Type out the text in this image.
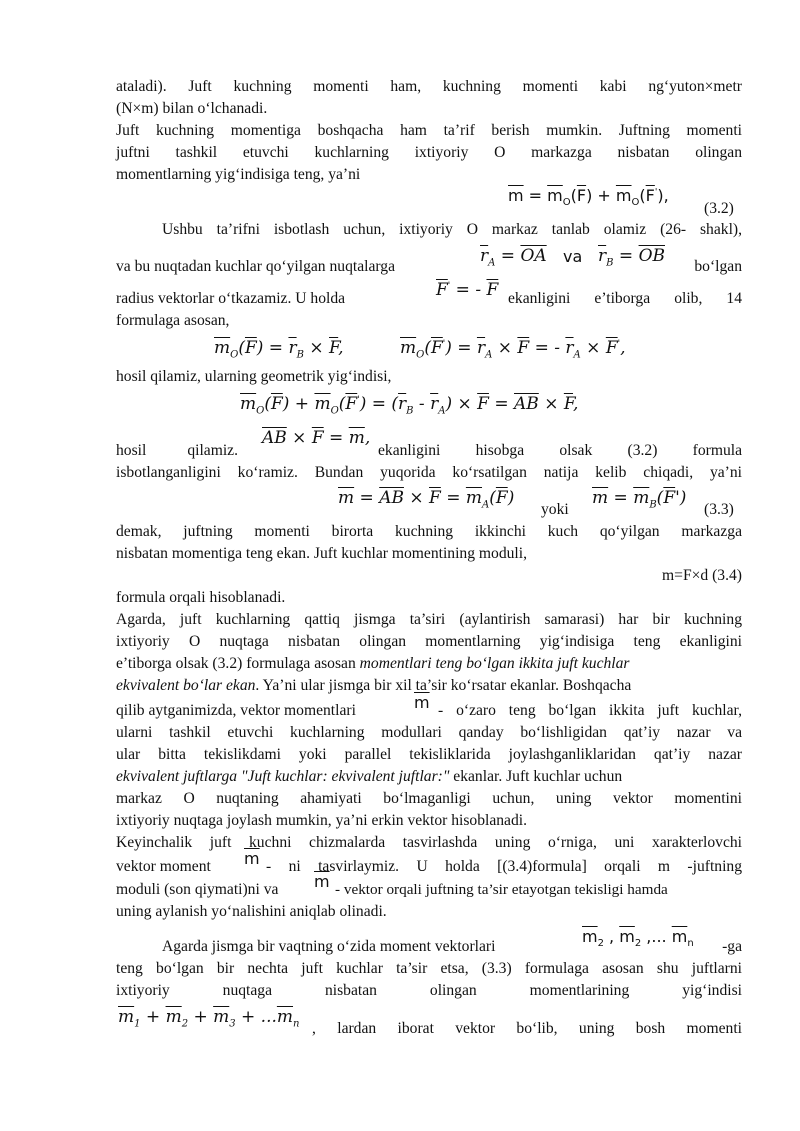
ataladi). Juft kuchning momenti ham, kuchning momenti kabi ng‘yuton×metr
(N×m) bilan o‘lchanadi.
Juft kuchning momentiga boshqacha ham ta’rif berish mumkin. Juftning momenti
juftni tashkil etuvchi kuchlarning ixtiyoriy O markazga nisbatan olingan
momentlarning yig‘indisiga teng, ya’ni
$\overline{m} = \overline{m}_O(\overline{F}) + \overline{m}_O(\overline{F}')$,
(3.2)
Ushbu ta’rifni isbotlash uchun, ixtiyoriy O markaz tanlab olamiz (26- shakl),
va bu nuqtadan kuchlar qo‘yilgan nuqtalarga
$\overline{r}_A = \overline{OA}$ va $\overline{r}_B = \overline{OB}$
bo‘lgan
radius vektorlar o‘tkazamiz. U holda	$\overline{F}'$ = - $\overline{F}$ ekanligini e’tiborga olib, 14
formulaga asosan,
$\overline{m}_O(\overline{F}) = \overline{r}_B \times \overline{F}$,	$\overline{m}_O(\overline{F}') = \overline{r}_A \times \overline{F}$ = - $\overline{r}_A \times \overline{F}'$,
hosil qilamiz, ularning geometrik yig‘indisi,
$\overline{m}_O(\overline{F}) + \overline{m}_O(\overline{F}') = (\overline{r}_B - \overline{r}_A) \times \overline{F} = \overline{AB} \times \overline{F}$,
hosil qilamiz.
$\overline{AB} \times \overline{F} = \overline{m}$,
ekanligini hisobga olsak (3.2) formula
isbotlanganligini ko‘ramiz. Bundan yuqorida ko‘rsatilgan natija kelib chiqadi, ya’ni
$\overline{m} = \overline{AB} \times \overline{F} = \overline{m}_A(\overline{F})$
yoki
$\overline{m} = \overline{m}_B(\overline{F}')$
(3.3)
demak, juftning momenti birorta kuchning ikkinchi kuch qo‘yilgan markazga
nisbatan momentiga teng ekan. Juft kuchlar momentining moduli,
m=F×d (3.4)
formula orqali hisoblanadi.
Agarda, juft kuchlarning qattiq jismga ta’siri (aylantirish samarasi) har bir kuchning
ixtiyoriy O nuqtaga nisbatan olingan momentlarning yig‘indisiga teng ekanligini
e’tiborga olsak (3.2) formulaga asosan momentlari teng bo‘lgan ikkita juft kuchlar
ekvivalent bo‘lar ekan. Ya’ni ular jismga bir xil ta’sir ko‘rsatar ekanlar. Boshqacha
qilib aytganimizda, vektor momentlari	$\overline{m}$ - o‘zaro teng bo‘lgan ikkita juft kuchlar,
ularni tashkil etuvchi kuchlarning modullari qanday bo‘lishligidan qat’iy nazar va
ular bitta tekislikdami yoki parallel tekisliklarida joylashganliklaridan qat’iy nazar
ekvivalent juftlarga "Juft kuchlar: ekvivalent juftlar:" ekanlar. Juft kuchlar uchun
markaz O nuqtaning ahamiyati bo‘lmaganligi uchun, uning vektor momentini
ixtiyoriy nuqtaga joylash mumkin, ya’ni erkin vektor hisoblanadi.
Keyinchalik juft kuchni chizmalarda tasvirlashda uning o‘rniga, uni xarakterlovchi
vektor moment	$\overline{m}$ - ni tasvirlaymiz. U holda [(3.4)formula] orqali m -juftning
moduli (son qiymati)ni va	$\overline{m}$ - vektor orqali juftning ta’sir etayotgan tekisligi hamda
uning aylanish yo‘nalishini aniqlab olinadi.
Agarda jismga bir vaqtning o‘zida moment vektorlari
$\overline{m}_2$ , $\overline{m}_2$ ,... $\overline{m}_n$	-ga
teng bo‘lgan bir nechta juft kuchlar ta’sir etsa, (3.3) formulaga asosan shu juftlarni
ixtiyoriy nuqtaga nisbatan olingan momentlarining yig‘indisi
$\overline{m}_1 + \overline{m}_2 + \overline{m}_3 + ...\overline{m}_n$ , lardan iborat vektor bo‘lib, uning bosh momenti
